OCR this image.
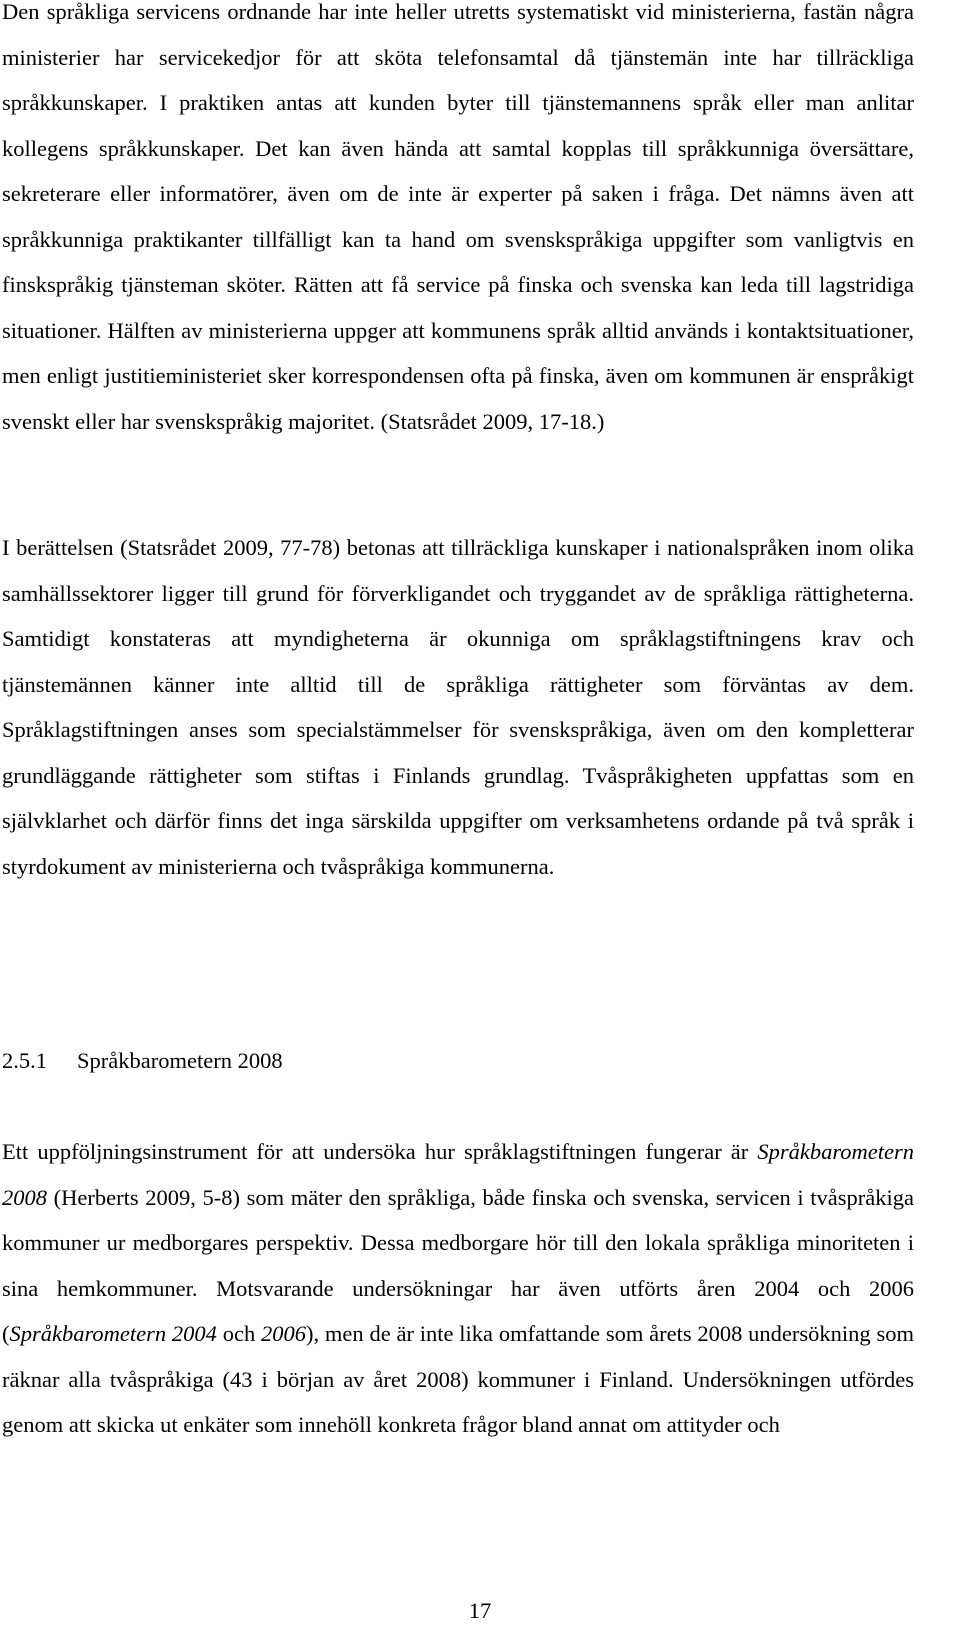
Den språkliga servicens ordnande har inte heller utretts systematiskt vid ministerierna, fastän några ministerier har servicekedjor för att sköta telefonsamtal då tjänstemän inte har tillräckliga språkkunskaper. I praktiken antas att kunden byter till tjänstemannens språk eller man anlitar kollegens språkkunskaper. Det kan även hända att samtal kopplas till språkkunniga översättare, sekreterare eller informatörer, även om de inte är experter på saken i fråga. Det nämns även att språkkunniga praktikanter tillfälligt kan ta hand om svenskspråkiga uppgifter som vanligtvis en finskspråkig tjänsteman sköter. Rätten att få service på finska och svenska kan leda till lagstridiga situationer. Hälften av ministerierna uppger att kommunens språk alltid används i kontaktsituationer, men enligt justitieministeriet sker korrespondensen ofta på finska, även om kommunen är enspråkigt svenskt eller har svenskspråkig majoritet. (Statsrådet 2009, 17-18.)

I berättelsen (Statsrådet 2009, 77-78) betonas att tillräckliga kunskaper i nationalspråken inom olika samhällssektorer ligger till grund för förverkligandet och tryggandet av de språkliga rättigheterna. Samtidigt konstateras att myndigheterna är okunniga om språklagstiftningens krav och tjänstemännen känner inte alltid till de språkliga rättigheter som förväntas av dem. Språklagstiftningen anses som specialstämmelser för svenskspråkiga, även om den kompletterar grundläggande rättigheter som stiftas i Finlands grundlag. Tvåspråkigheten uppfattas som en självklarhet och därför finns det inga särskilda uppgifter om verksamhetens ordande på två språk i styrdokument av ministerierna och tvåspråkiga kommunerna.

2.5.1 Språkbarometern 2008

Ett uppföljningsinstrument för att undersöka hur språklagstiftningen fungerar är Språkbarometern 2008 (Herberts 2009, 5-8) som mäter den språkliga, både finska och svenska, servicen i tvåspråkiga kommuner ur medborgares perspektiv. Dessa medborgare hör till den lokala språkliga minoriteten i sina hemkommuner. Motsvarande undersökningar har även utförts åren 2004 och 2006 (Språkbarometern 2004 och 2006), men de är inte lika omfattande som årets 2008 undersökning som räknar alla tvåspråkiga (43 i början av året 2008) kommuner i Finland. Undersökningen utfördes genom att skicka ut enkäter som innehöll konkreta frågor bland annat om attityder och

17
